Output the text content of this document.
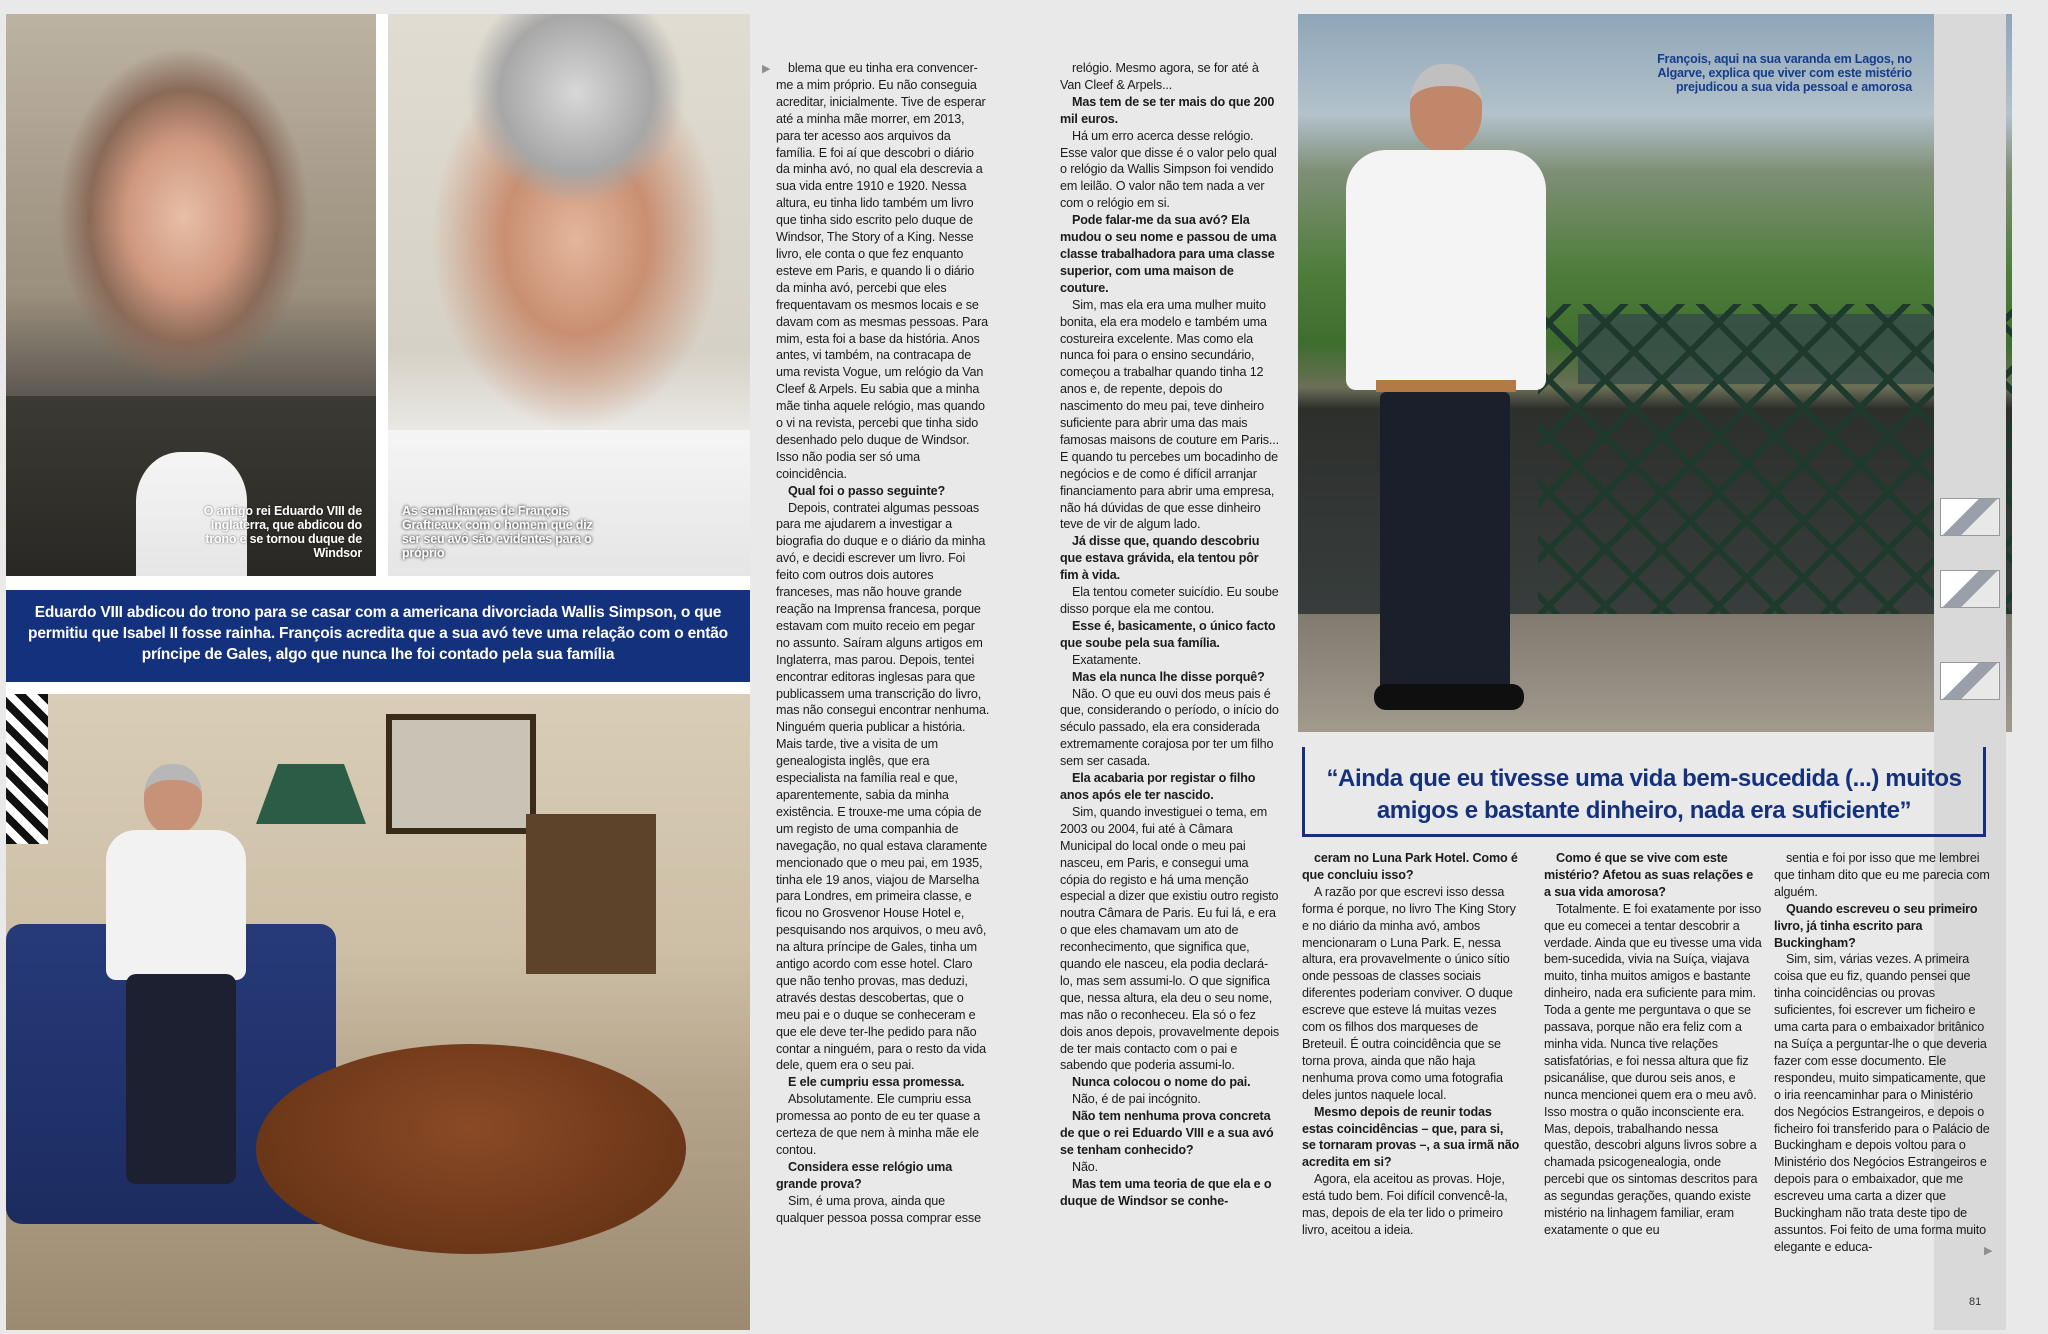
O antigo rei Eduardo VIII de Inglaterra, que abdicou do trono e se tornou duque de Windsor
As semelhanças de François Graftieaux com o homem que diz ser seu avô são evidentes para o próprio
Eduardo VIII abdicou do trono para se casar com a americana divorciada Wallis Simpson, o que permitiu que Isabel II fosse rainha. François acredita que a sua avó teve uma relação com o então príncipe de Gales, algo que nunca lhe foi contado pela sua família
▶	blema que eu tinha era convencer-me a mim próprio. Eu não conseguia acreditar, inicialmente. Tive de esperar até a minha mãe morrer, em 2013, para ter acesso aos arquivos da família. E foi aí que descobri o diário da minha avó, no qual ela descrevia a sua vida entre 1910 e 1920. Nessa altura, eu tinha lido também um livro que tinha sido escrito pelo duque de Windsor, The Story of a King. Nesse livro, ele conta o que fez enquanto esteve em Paris, e quando li o diário da minha avó, percebi que eles frequentavam os mesmos locais e se davam com as mesmas pessoas. Para mim, esta foi a base da história. Anos antes, vi também, na contracapa de uma revista Vogue, um relógio da Van Cleef & Arpels. Eu sabia que a minha mãe tinha aquele relógio, mas quando o vi na revista, percebi que tinha sido desenhado pelo duque de Windsor. Isso não podia ser só uma coincidência.

Qual foi o passo seguinte?

Depois, contratei algumas pessoas para me ajudarem a investigar a biografia do duque e o diário da minha avó, e decidi escrever um livro. Foi feito com outros dois autores franceses, mas não houve grande reação na Imprensa francesa, porque estavam com muito receio em pegar no assunto. Saíram alguns artigos em Inglaterra, mas parou. Depois, tentei encontrar editoras inglesas para que publicassem uma transcrição do livro, mas não consegui encontrar nenhuma. Ninguém queria publicar a história. Mais tarde, tive a visita de um genealogista inglês, que era especialista na família real e que, aparentemente, sabia da minha existência. E trouxe-me uma cópia de um registo de uma companhia de navegação, no qual estava claramente mencionado que o meu pai, em 1935, tinha ele 19 anos, viajou de Marselha para Londres, em primeira classe, e ficou no Grosvenor House Hotel e, pesquisando nos arquivos, o meu avô, na altura príncipe de Gales, tinha um antigo acordo com esse hotel. Claro que não tenho provas, mas deduzi, através destas descobertas, que o meu pai e o duque se conheceram e que ele deve ter-lhe pedido para não contar a ninguém, para o resto da vida dele, quem era o seu pai.

E ele cumpriu essa promessa.

Absolutamente. Ele cumpriu essa promessa ao ponto de eu ter quase a certeza de que nem à minha mãe ele contou.

Considera esse relógio uma grande prova?

Sim, é uma prova, ainda que qualquer pessoa possa comprar esse

relógio. Mesmo agora, se for até à Van Cleef & Arpels...

Mas tem de se ter mais do que 200 mil euros.

Há um erro acerca desse relógio. Esse valor que disse é o valor pelo qual o relógio da Wallis Simpson foi vendido em leilão. O valor não tem nada a ver com o relógio em si.

Pode falar-me da sua avó? Ela mudou o seu nome e passou de uma classe trabalhadora para uma classe superior, com uma maison de couture.

Sim, mas ela era uma mulher muito bonita, ela era modelo e também uma costureira excelente. Mas como ela nunca foi para o ensino secundário, começou a trabalhar quando tinha 12 anos e, de repente, depois do nascimento do meu pai, teve dinheiro suficiente para abrir uma das mais famosas maisons de couture em Paris... E quando tu percebes um bocadinho de negócios e de como é difícil arranjar financiamento para abrir uma empresa, não há dúvidas de que esse dinheiro teve de vir de algum lado.

Já disse que, quando descobriu que estava grávida, ela tentou pôr fim à vida.

Ela tentou cometer suicídio. Eu soube disso porque ela me contou.

Esse é, basicamente, o único facto que soube pela sua família.

Exatamente.

Mas ela nunca lhe disse porquê?

Não. O que eu ouvi dos meus pais é que, considerando o período, o início do século passado, ela era considerada extremamente corajosa por ter um filho sem ser casada.

Ela acabaria por registar o filho anos após ele ter nascido.

Sim, quando investiguei o tema, em 2003 ou 2004, fui até à Câmara Municipal do local onde o meu pai nasceu, em Paris, e consegui uma cópia do registo e há uma menção especial a dizer que existiu outro registo noutra Câmara de Paris. Eu fui lá, e era o que eles chamavam um ato de reconhecimento, que significa que, quando ele nasceu, ela podia declará-lo, mas sem assumi-lo. O que significa que, nessa altura, ela deu o seu nome, mas não o reconheceu. Ela só o fez dois anos depois, provavelmente depois de ter mais contacto com o pai e sabendo que poderia assumi-lo.

Nunca colocou o nome do pai.

Não, é de pai incógnito.

Não tem nenhuma prova concreta de que o rei Eduardo VIII e a sua avó se tenham conhecido?

Não.

Mas tem uma teoria de que ela e o duque de Windsor se conhe-

François, aqui na sua varanda em Lagos, no Algarve, explica que viver com este mistério prejudicou a sua vida pessoal e amorosa
“Ainda que eu tivesse uma vida bem-sucedida (...) muitos amigos e bastante dinheiro, nada era suficiente”

ceram no Luna Park Hotel. Como é que concluiu isso?

A razão por que escrevi isso dessa forma é porque, no livro The King Story e no diário da minha avó, ambos mencionaram o Luna Park. E, nessa altura, era provavelmente o único sítio onde pessoas de classes sociais diferentes poderiam conviver. O duque escreve que esteve lá muitas vezes com os filhos dos marqueses de Breteuil. É outra coincidência que se torna prova, ainda que não haja nenhuma prova como uma fotografia deles juntos naquele local.

Mesmo depois de reunir todas estas coincidências – que, para si, se tornaram provas –, a sua irmã não acredita em si?

Agora, ela aceitou as provas. Hoje, está tudo bem. Foi difícil convencê-la, mas, depois de ela ter lido o primeiro livro, aceitou a ideia.

Como é que se vive com este mistério? Afetou as suas relações e a sua vida amorosa?

Totalmente. E foi exatamente por isso que eu comecei a tentar descobrir a verdade. Ainda que eu tivesse uma vida bem-sucedida, vivia na Suíça, viajava muito, tinha muitos amigos e bastante dinheiro, nada era suficiente para mim. Toda a gente me perguntava o que se passava, porque não era feliz com a minha vida. Nunca tive relações satisfatórias, e foi nessa altura que fiz psicanálise, que durou seis anos, e nunca mencionei quem era o meu avô. Isso mostra o quão inconsciente era. Mas, depois, trabalhando nessa questão, descobri alguns livros sobre a chamada psicogenealogia, onde percebi que os sintomas descritos para as segundas gerações, quando existe mistério na linhagem familiar, eram exatamente o que eu

sentia e foi por isso que me lembrei que tinham dito que eu me parecia com alguém.

Quando escreveu o seu primeiro livro, já tinha escrito para Buckingham?

Sim, sim, várias vezes. A primeira coisa que eu fiz, quando pensei que tinha coincidências ou provas suficientes, foi escrever um ficheiro e uma carta para o embaixador britânico na Suíça a perguntar-lhe o que deveria fazer com esse documento. Ele respondeu, muito simpaticamente, que o iria reencaminhar para o Ministério dos Negócios Estrangeiros, e depois o ficheiro foi transferido para o Palácio de Buckingham e depois voltou para o Ministério dos Negócios Estrangeiros e depois para o embaixador, que me escreveu uma carta a dizer que Buckingham não trata deste tipo de assuntos. Foi feito de uma forma muito elegante e educa-	▶
81
